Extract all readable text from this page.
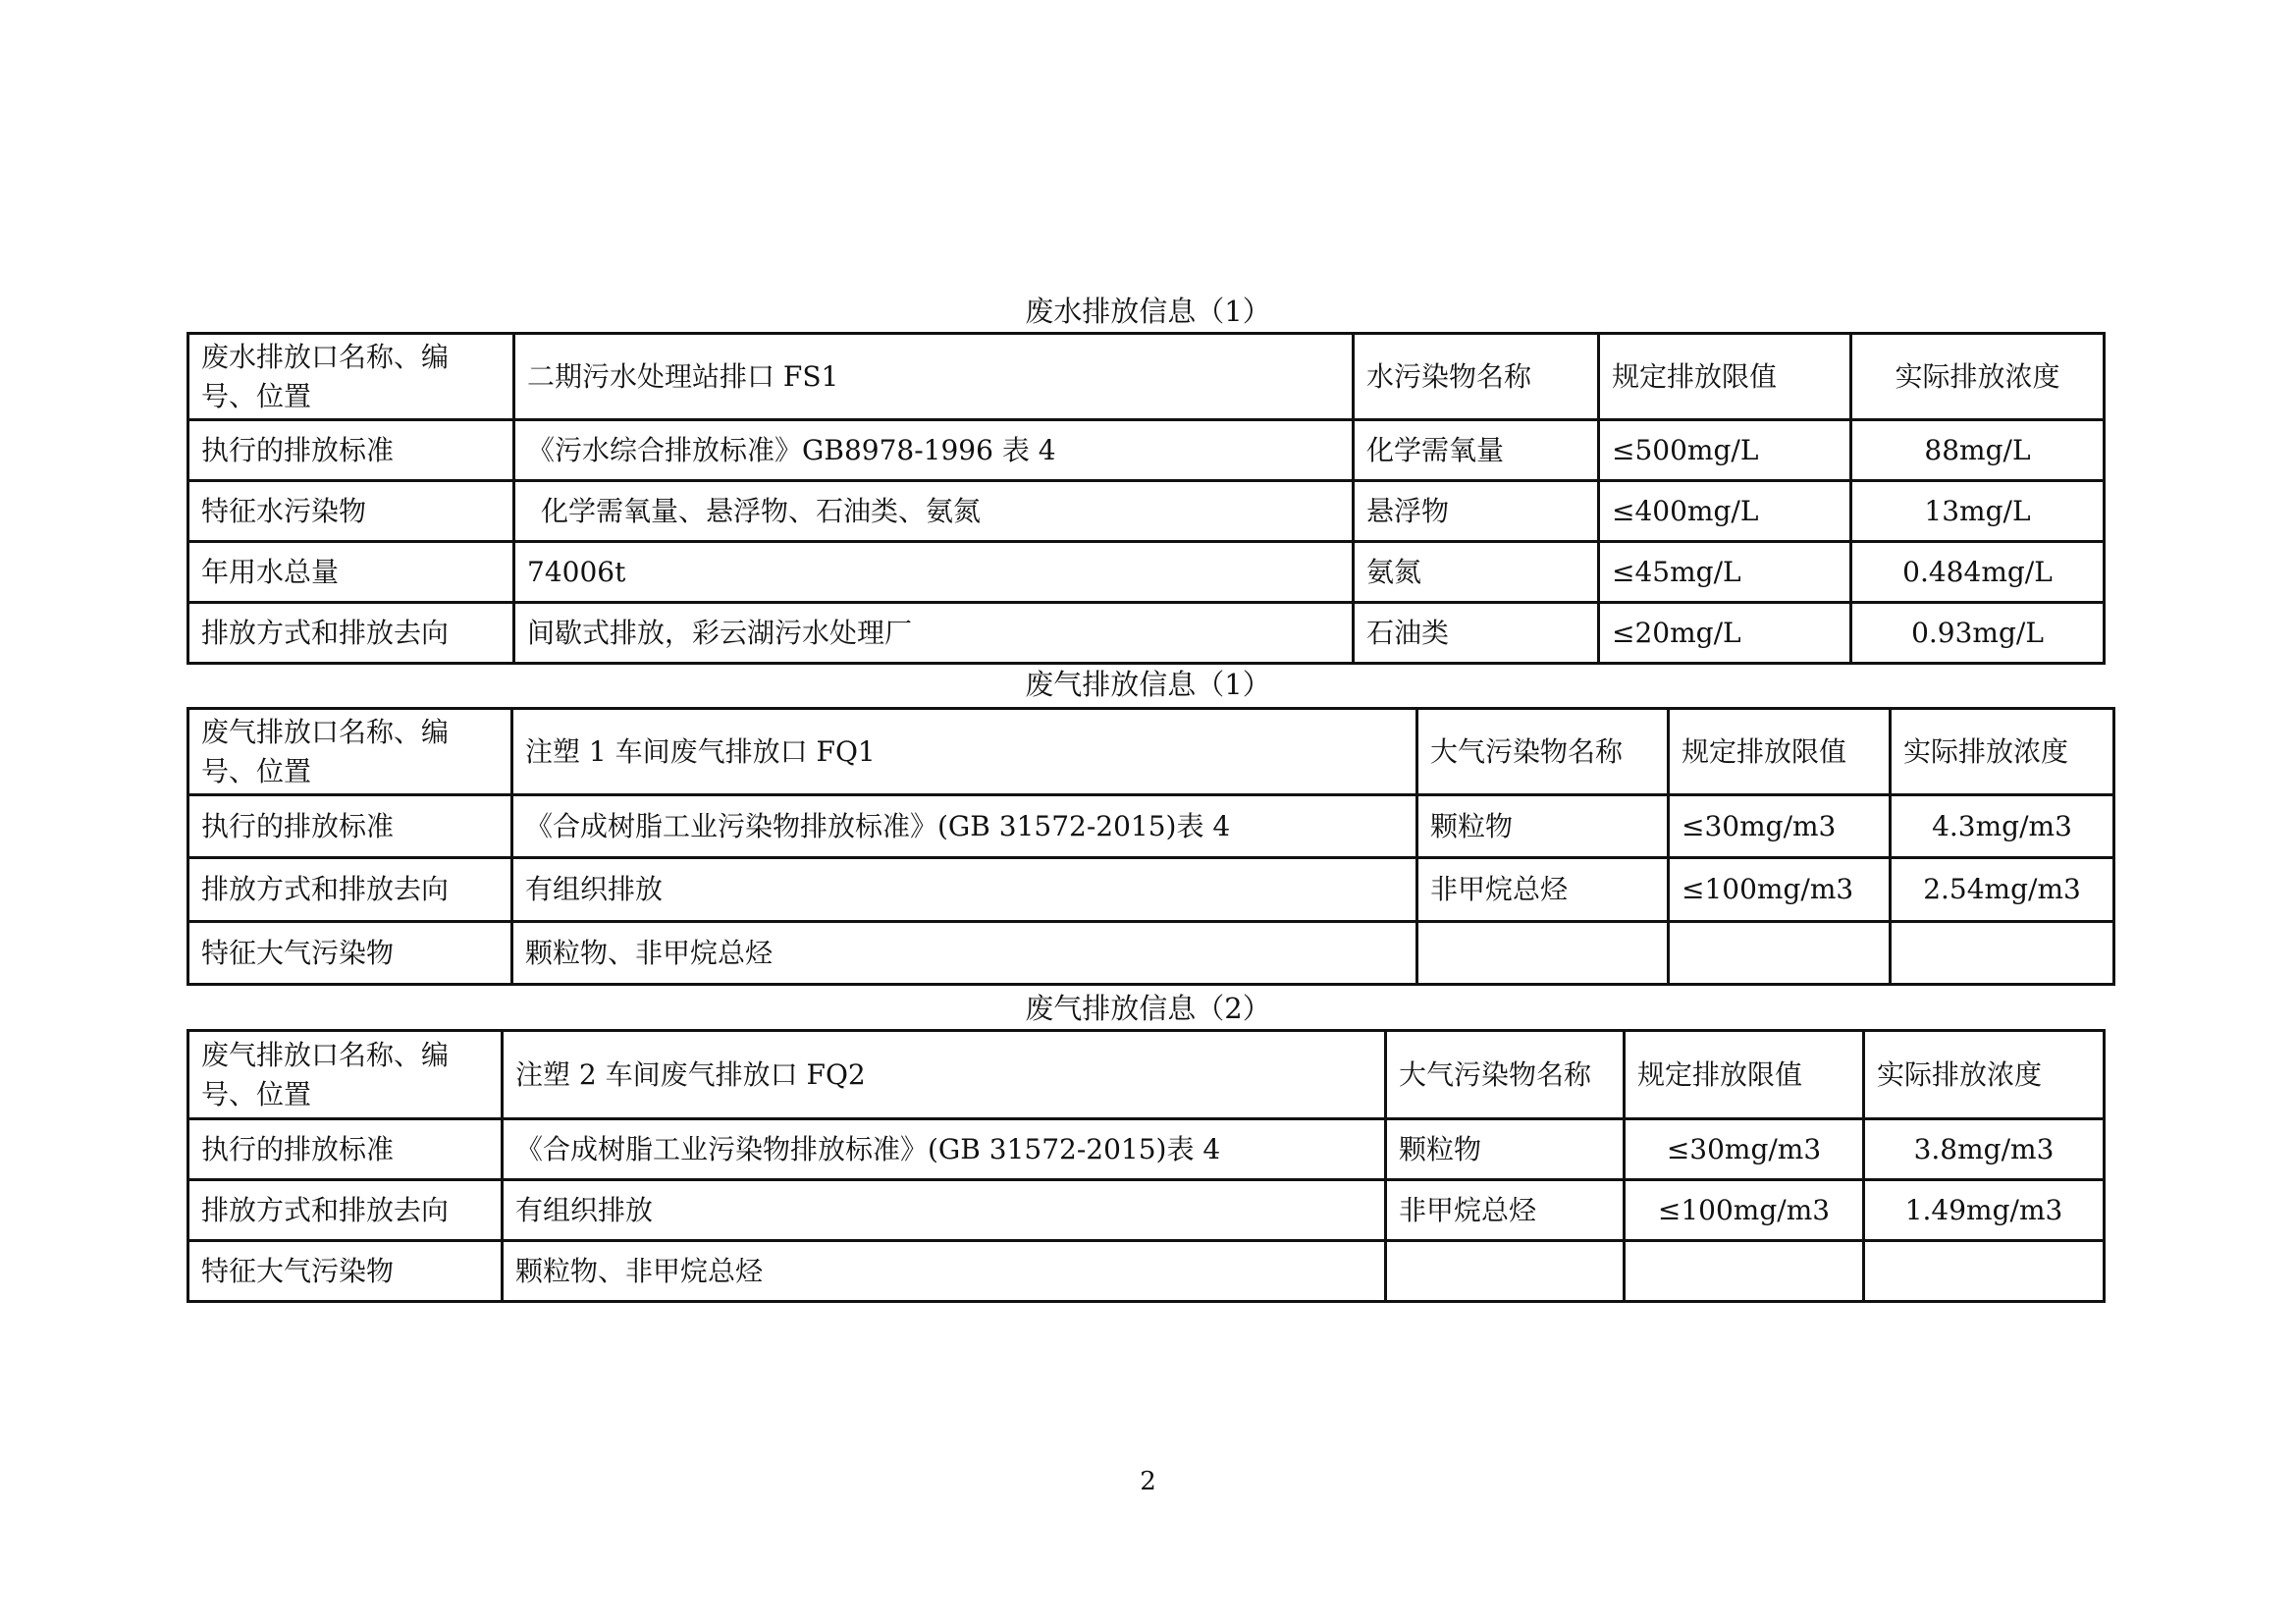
废水排放信息（1）
废水排放口名称、编号、位置	二期污水处理站排口 FS1	水污染物名称	规定排放限值	实际排放浓度
执行的排放标准	《污水综合排放标准》GB8978-1996 表 4	化学需氧量	≤500mg/L	88mg/L
特征水污染物	化学需氧量、悬浮物、石油类、氨氮	悬浮物	≤400mg/L	13mg/L
年用水总量	74006t	氨氮	≤45mg/L	0.484mg/L
排放方式和排放去向	间歇式排放，彩云湖污水处理厂	石油类	≤20mg/L	0.93mg/L
废气排放信息（1）
废气排放口名称、编号、位置	注塑 1 车间废气排放口 FQ1	大气污染物名称	规定排放限值	实际排放浓度
执行的排放标准	《合成树脂工业污染物排放标准》(GB 31572-2015)表 4	颗粒物	≤30mg/m3	4.3mg/m3
排放方式和排放去向	有组织排放	非甲烷总烃	≤100mg/m3	2.54mg/m3
特征大气污染物	颗粒物、非甲烷总烃			
废气排放信息（2）
废气排放口名称、编号、位置	注塑 2 车间废气排放口 FQ2	大气污染物名称	规定排放限值	实际排放浓度
执行的排放标准	《合成树脂工业污染物排放标准》(GB 31572-2015)表 4	颗粒物	≤30mg/m3	3.8mg/m3
排放方式和排放去向	有组织排放	非甲烷总烃	≤100mg/m3	1.49mg/m3
特征大气污染物	颗粒物、非甲烷总烃			
2
